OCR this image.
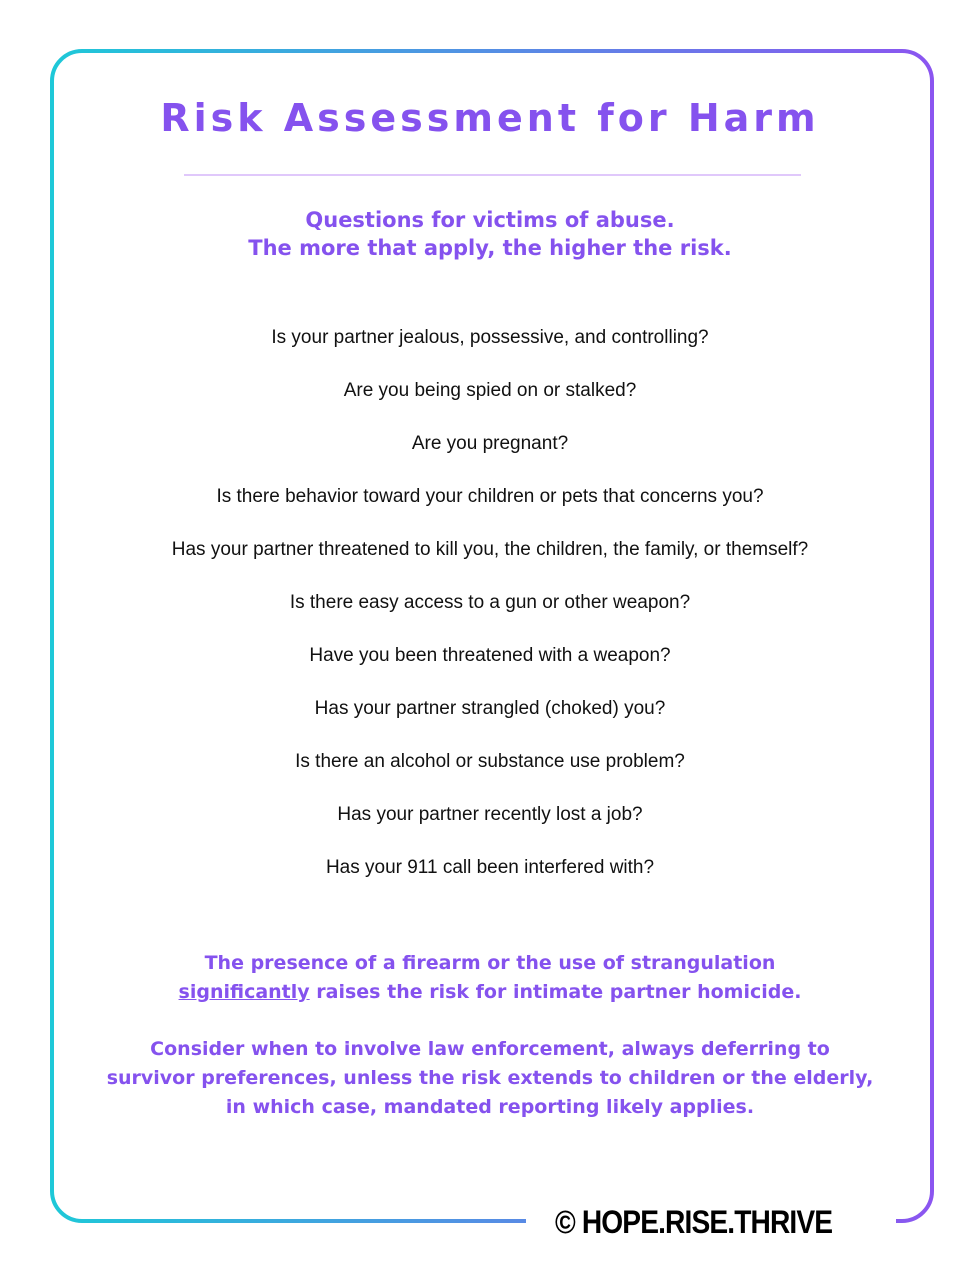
Risk Assessment for Harm
Questions for victims of abuse.
The more that apply, the higher the risk.
Is your partner jealous, possessive, and controlling?
Are you being spied on or stalked?
Are you pregnant?
Is there behavior toward your children or pets that concerns you?
Has your partner threatened to kill you, the children, the family, or themself?
Is there easy access to a gun or other weapon?
Have you been threatened with a weapon?
Has your partner strangled (choked) you?
Is there an alcohol or substance use problem?
Has your partner recently lost a job?
Has your 911 call been interfered with?
The presence of a firearm or the use of strangulation
significantly raises the risk for intimate partner homicide.
Consider when to involve law enforcement, always deferring to
survivor preferences, unless the risk extends to children or the elderly,
in which case, mandated reporting likely applies.
© HOPE.RISE.THRIVE
